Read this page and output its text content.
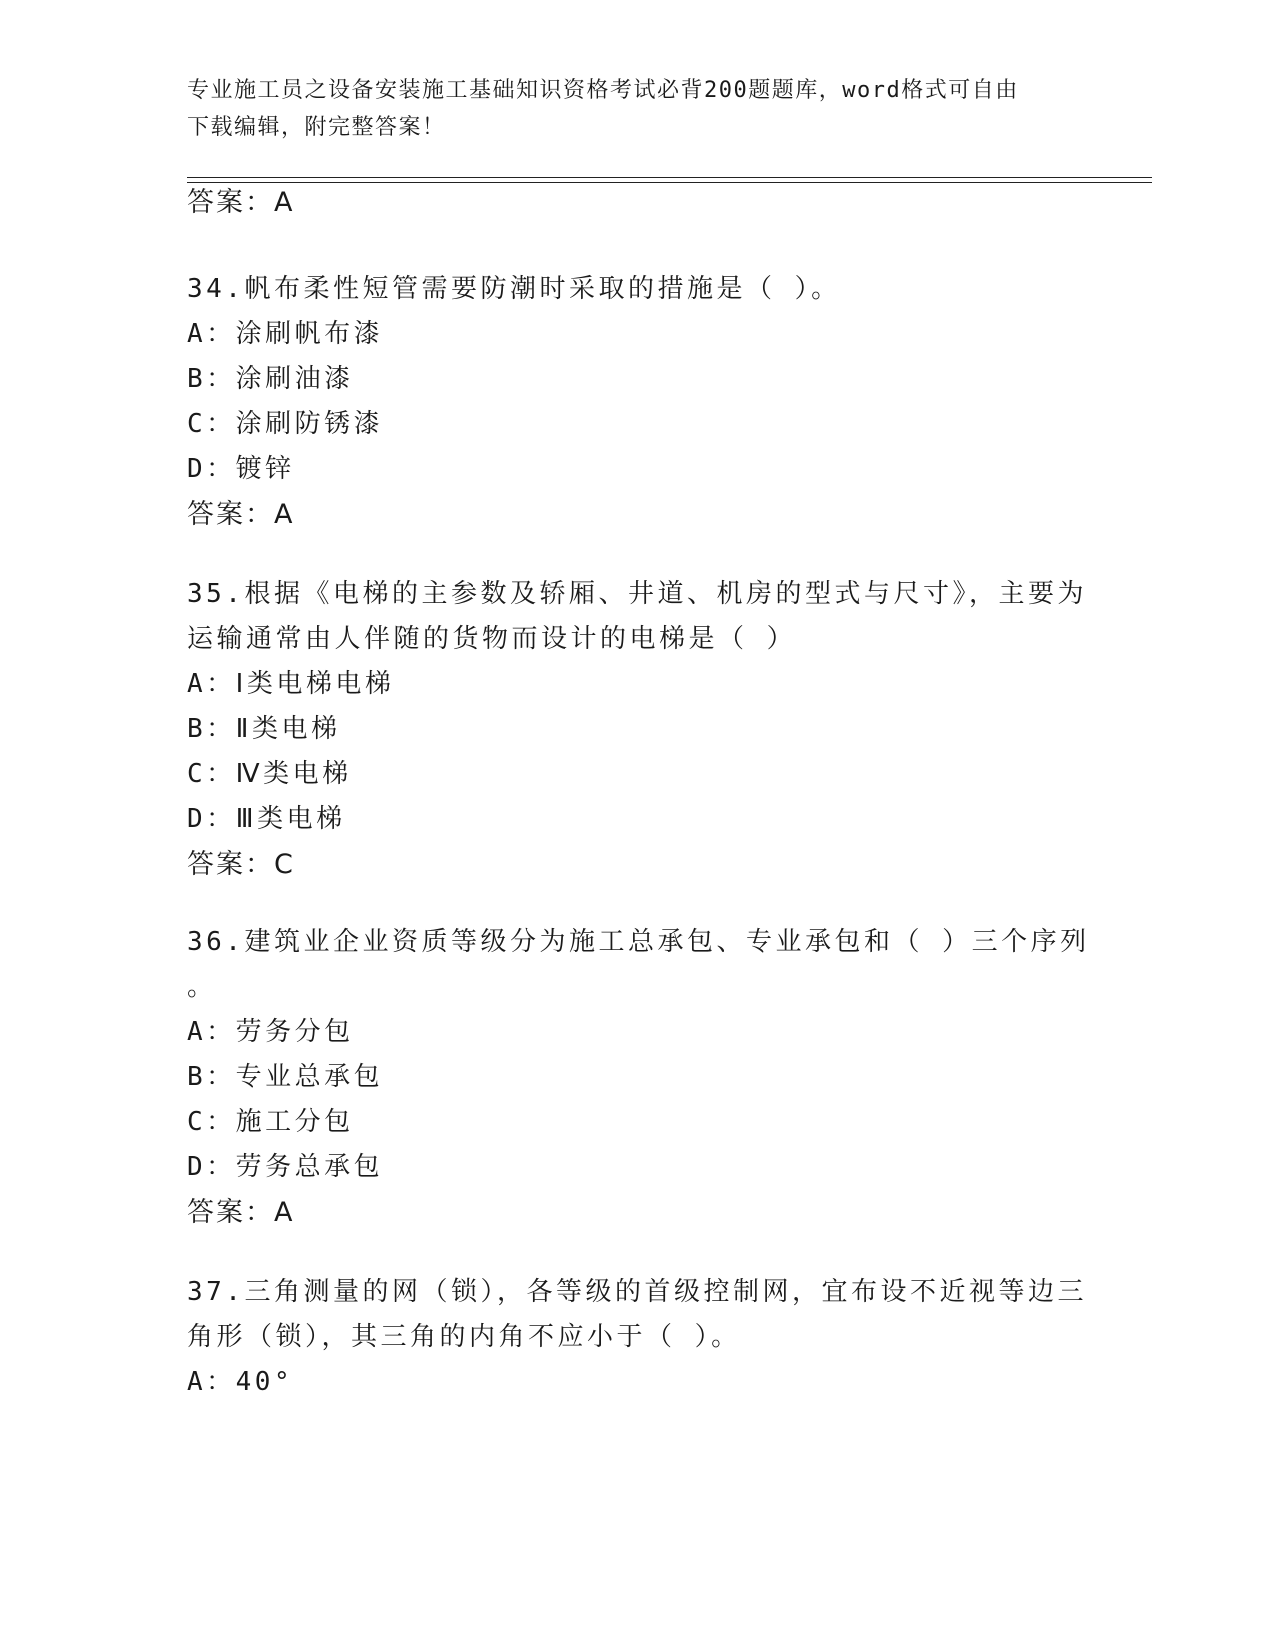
专业施工员之设备安装施工基础知识资格考试必背200题题库，word格式可自由
下载编辑，附完整答案！
答案：A
34.帆布柔性短管需要防潮时采取的措施是（ ）。
A：涂刷帆布漆
B：涂刷油漆
C：涂刷防锈漆
D：镀锌
答案：A
35.根据《电梯的主参数及轿厢、井道、机房的型式与尺寸》，主要为
运输通常由人伴随的货物而设计的电梯是（ ）
A：Ⅰ类电梯电梯
B：Ⅱ类电梯
C：Ⅳ类电梯
D：Ⅲ类电梯
答案：C
36.建筑业企业资质等级分为施工总承包、专业承包和（ ）三个序列
。
A：劳务分包
B：专业总承包
C：施工分包
D：劳务总承包
答案：A
37.三角测量的网（锁），各等级的首级控制网，宜布设不近视等边三
角形（锁），其三角的内角不应小于（ ）。
A：40°
